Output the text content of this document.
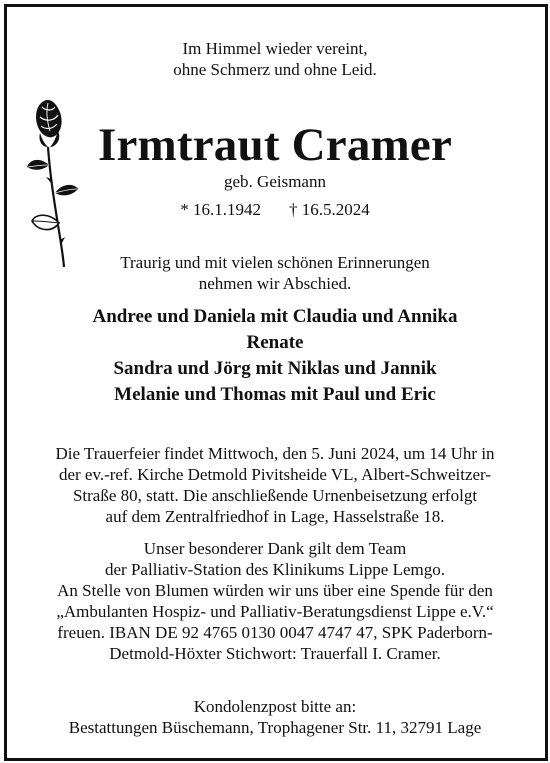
Im Himmel wieder vereint,
ohne Schmerz und ohne Leid.
Irmtraut Cramer
geb. Geismann
* 16.1.1942 † 16.5.2024
Traurig und mit vielen schönen Erinnerungen
nehmen wir Abschied.
Andree und Daniela mit Claudia und Annika
Renate
Sandra und Jörg mit Niklas und Jannik
Melanie und Thomas mit Paul und Eric
Die Trauerfeier findet Mittwoch, den 5. Juni 2024, um 14 Uhr in
der ev.-ref. Kirche Detmold Pivitsheide VL, Albert-Schweitzer-
Straße 80, statt. Die anschließende Urnenbeisetzung erfolgt
auf dem Zentralfriedhof in Lage, Hasselstraße 18.
Unser besonderer Dank gilt dem Team
der Palliativ-Station des Klinikums Lippe Lemgo.
An Stelle von Blumen würden wir uns über eine Spende für den
„Ambulanten Hospiz- und Palliativ-Beratungsdienst Lippe e.V.“
freuen. IBAN DE 92 4765 0130 0047 4747 47, SPK Paderborn-
Detmold-Höxter Stichwort: Trauerfall I. Cramer.
Kondolenzpost bitte an:
Bestattungen Büschemann, Trophagener Str. 11, 32791 Lage
